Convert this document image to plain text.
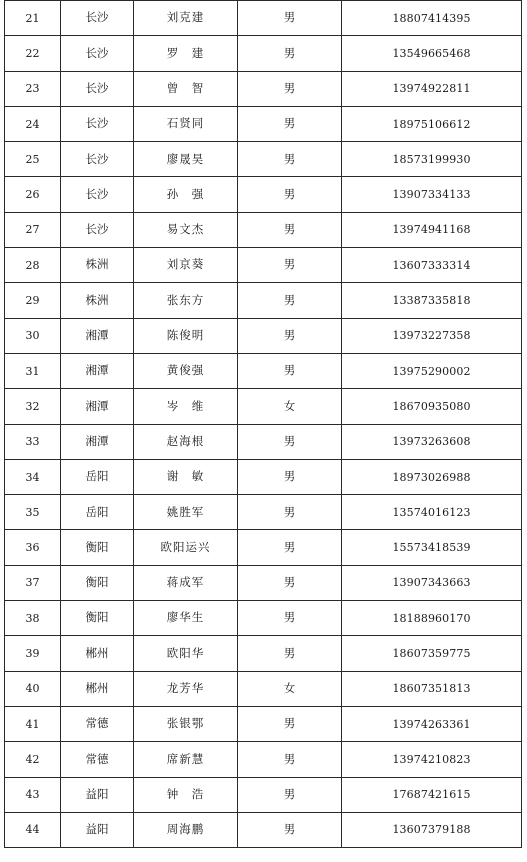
21	长沙	刘克建	男	18807414395
22	长沙	罗　建	男	13549665468
23	长沙	曾　智	男	13974922811
24	长沙	石贤同	男	18975106612
25	长沙	廖晟昊	男	18573199930
26	长沙	孙　强	男	13907334133
27	长沙	易文杰	男	13974941168
28	株洲	刘京葵	男	13607333314
29	株洲	张东方	男	13387335818
30	湘潭	陈俊明	男	13973227358
31	湘潭	黄俊强	男	13975290002
32	湘潭	岑　维	女	18670935080
33	湘潭	赵海根	男	13973263608
34	岳阳	谢　敏	男	18973026988
35	岳阳	姚胜军	男	13574016123
36	衡阳	欧阳运兴	男	15573418539
37	衡阳	蒋成军	男	13907343663
38	衡阳	廖华生	男	18188960170
39	郴州	欧阳华	男	18607359775
40	郴州	龙芳华	女	18607351813
41	常德	张银鄂	男	13974263361
42	常德	席新慧	男	13974210823
43	益阳	钟　浩	男	17687421615
44	益阳	周海鹏	男	13607379188
